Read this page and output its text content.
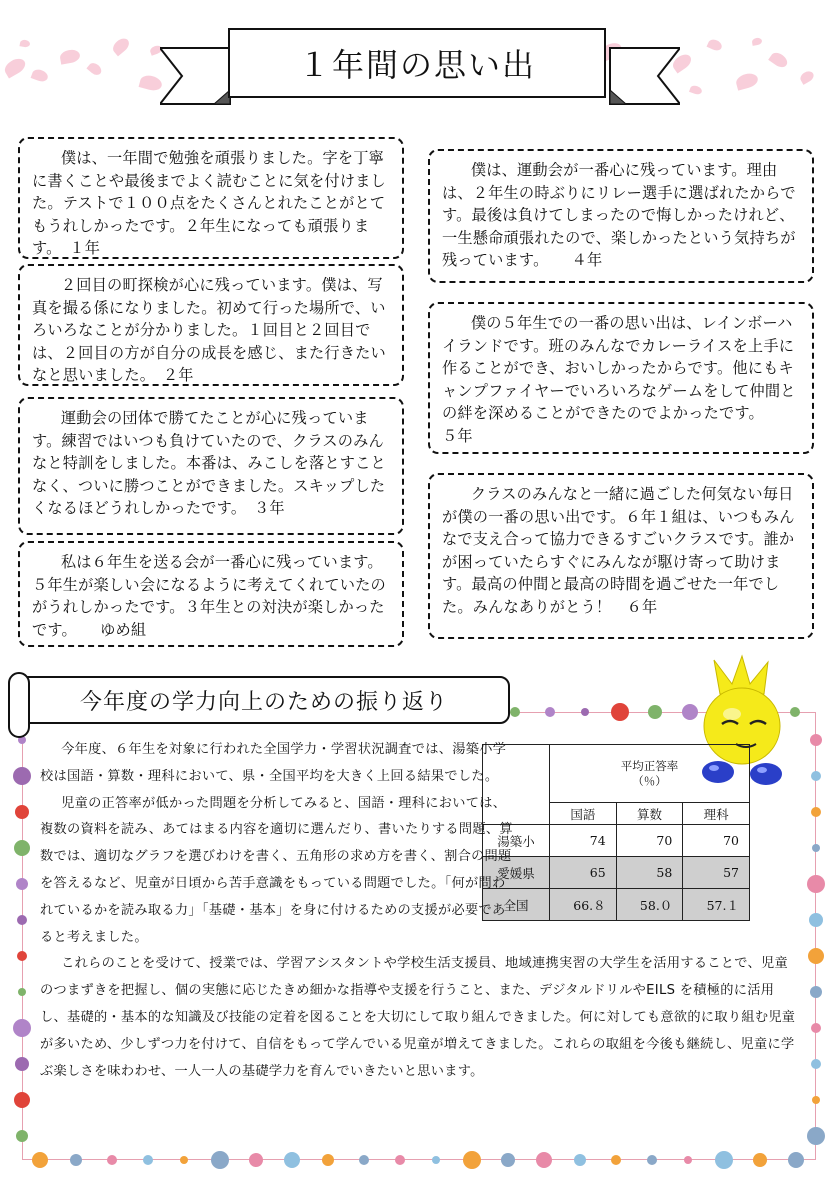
１年間の思い出
僕は、一年間で勉強を頑張りました。字を丁寧に書くことや最後までよく読むことに気を付けました。テストで１００点をたくさんとれたことがとてもうれしかったです。２年生になっても頑張ります。　１年
２回目の町探検が心に残っています。僕は、写真を撮る係になりました。初めて行った場所で、いろいろなことが分かりました。１回目と２回目では、２回目の方が自分の成長を感じ、また行きたいなと思いました。　２年
運動会の団体で勝てたことが心に残っています。練習ではいつも負けていたので、クラスのみんなと特訓をしました。本番は、みこしを落とすことなく、ついに勝つことができました。スキップしたくなるほどうれしかったです。　３年
私は６年生を送る会が一番心に残っています。５年生が楽しい会になるように考えてくれていたのがうれしかったです。３年生との対決が楽しかったです。　　ゆめ組
僕は、運動会が一番心に残っています。理由は、２年生の時ぶりにリレー選手に選ばれたからです。最後は負けてしまったので悔しかったけれど、一生懸命頑張れたので、楽しかったという気持ちが残っています。　　４年
僕の５年生での一番の思い出は、レインボーハイランドです。班のみんなでカレーライスを上手に作ることができ、おいしかったからです。他にもキャンプファイヤーでいろいろなゲームをして仲間との絆を深めることができたのでよかったです。　　５年
クラスのみんなと一緒に過ごした何気ない毎日が僕の一番の思い出です。６年１組は、いつもみんなで支え合って協力できるすごいクラスです。誰かが困っていたらすぐにみんなが駆け寄って助けます。最高の仲間と最高の時間を過ごせた一年でした。みんなありがとう！　６年
今年度の学力向上のための振り返り

	平均正答率
（％）		

	国語	算数	理科
湯築小	74	70	70
愛媛県	65	58	57
全国	66.８	58.０	57.１

今年度、６年生を対象に行われた全国学力・学習状況調査では、湯築小学校は国語・算数・理科において、県・全国平均を大きく上回る結果でした。

児童の正答率が低かった問題を分析してみると、国語・理科においては、複数の資料を読み、あてはまる内容を適切に選んだり、書いたりする問題、算数では、適切なグラフを選びわけを書く、五角形の求め方を書く、割合の問題を答えるなど、児童が日頃から苦手意識をもっている問題でした。「何が問われているかを読み取る力」「基礎・基本」を身に付けるための支援が必要であると考えました。

これらのことを受けて、授業では、学習アシスタントや学校生活支援員、地域連携実習の大学生を活用することで、児童のつまずきを把握し、個の実態に応じたきめ細かな指導や支援を行うこと、また、デジタルドリルやEILS を積極的に活用し、基礎的・基本的な知識及び技能の定着を図ることを大切にして取り組んできました。何に対しても意欲的に取り組む児童が多いため、少しずつ力を付けて、自信をもって学んでいる児童が増えてきました。これらの取組を今後も継続し、児童に学ぶ楽しさを味わわせ、一人一人の基礎学力を育んでいきたいと思います。
